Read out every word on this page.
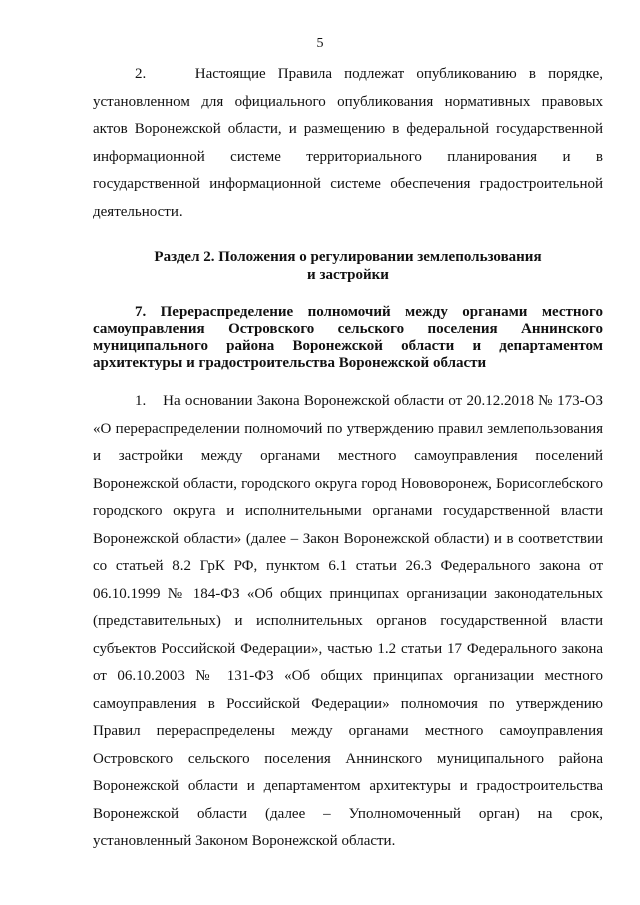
5

2.    Настоящие Правила подлежат опубликованию в порядке, установленном для официального опубликования нормативных правовых актов Воронежской области, и размещению в федеральной государственной информационной системе территориального планирования и в государственной информационной системе обеспечения градостроительной деятельности.

Раздел 2. Положения о регулировании землепользования и застройки
7. Перераспределение полномочий между органами местного самоуправления Островского сельского поселения Аннинского муниципального района Воронежской области и департаментом архитектуры и градостроительства Воронежской области

1.    На основании Закона Воронежской области от 20.12.2018 № 173-ОЗ «О перераспределении полномочий по утверждению правил землепользования и застройки между органами местного самоуправления поселений Воронежской области, городского округа город Нововоронеж, Борисоглебского городского округа и исполнительными органами государственной власти Воронежской области» (далее – Закон Воронежской области) и в соответствии со статьей 8.2 ГрК РФ, пунктом 6.1 статьи 26.3 Федерального закона от 06.10.1999 № 184-ФЗ «Об общих принципах организации законодательных (представительных) и исполнительных органов государственной власти субъектов Российской Федерации», частью 1.2 статьи 17 Федерального закона от 06.10.2003 № 131-ФЗ «Об общих принципах организации местного самоуправления в Российской Федерации» полномочия по утверждению Правил перераспределены между органами местного самоуправления Островского сельского поселения Аннинского муниципального района Воронежской области и департаментом архитектуры и градостроительства Воронежской области (далее – Уполномоченный орган) на срок, установленный Законом Воронежской области.
